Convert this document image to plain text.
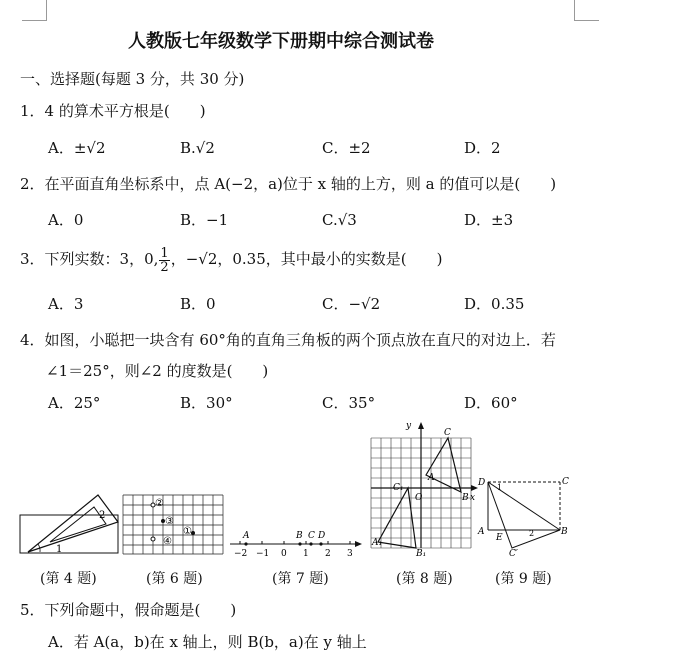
人教版七年级数学下册期中综合测试卷
一、选择题(每题 3 分，共 30 分)
1．4 的算术平方根是(　　)
A．±√2	B.√2	C．±2	D．2
2．在平面直角坐标系中，点 A(−2，a)位于 x 轴的上方，则 a 的值可以是(　　)
A．0	B．−1	C.√3	D．±3
3．下列实数：3，0, $\frac{1}{2}$ ，−√2，0.35，其中最小的实数是(　　)
A．3	B．0	C．−√2	D．0.35
4．如图，小聪把一块含有 60°角的直角三角板的两个顶点放在直尺的对边上．若
∠1＝25°，则∠2 的度数是(　　)
A．25°	B．30°	C．35°	D．60°
1
2
②
③
④
①	A	B C D
−2 −1 0 1 2 3
y
C
C₁
A
O	B x
A₁
B₁
D 1
C
A
E	2	B
C′
(第 4 题)	(第 6 题)	(第 7 题)	(第 8 题)	(第 9 题)
5．下列命题中，假命题是(　　)
A．若 A(a，b)在 x 轴上，则 B(b，a)在 y 轴上
